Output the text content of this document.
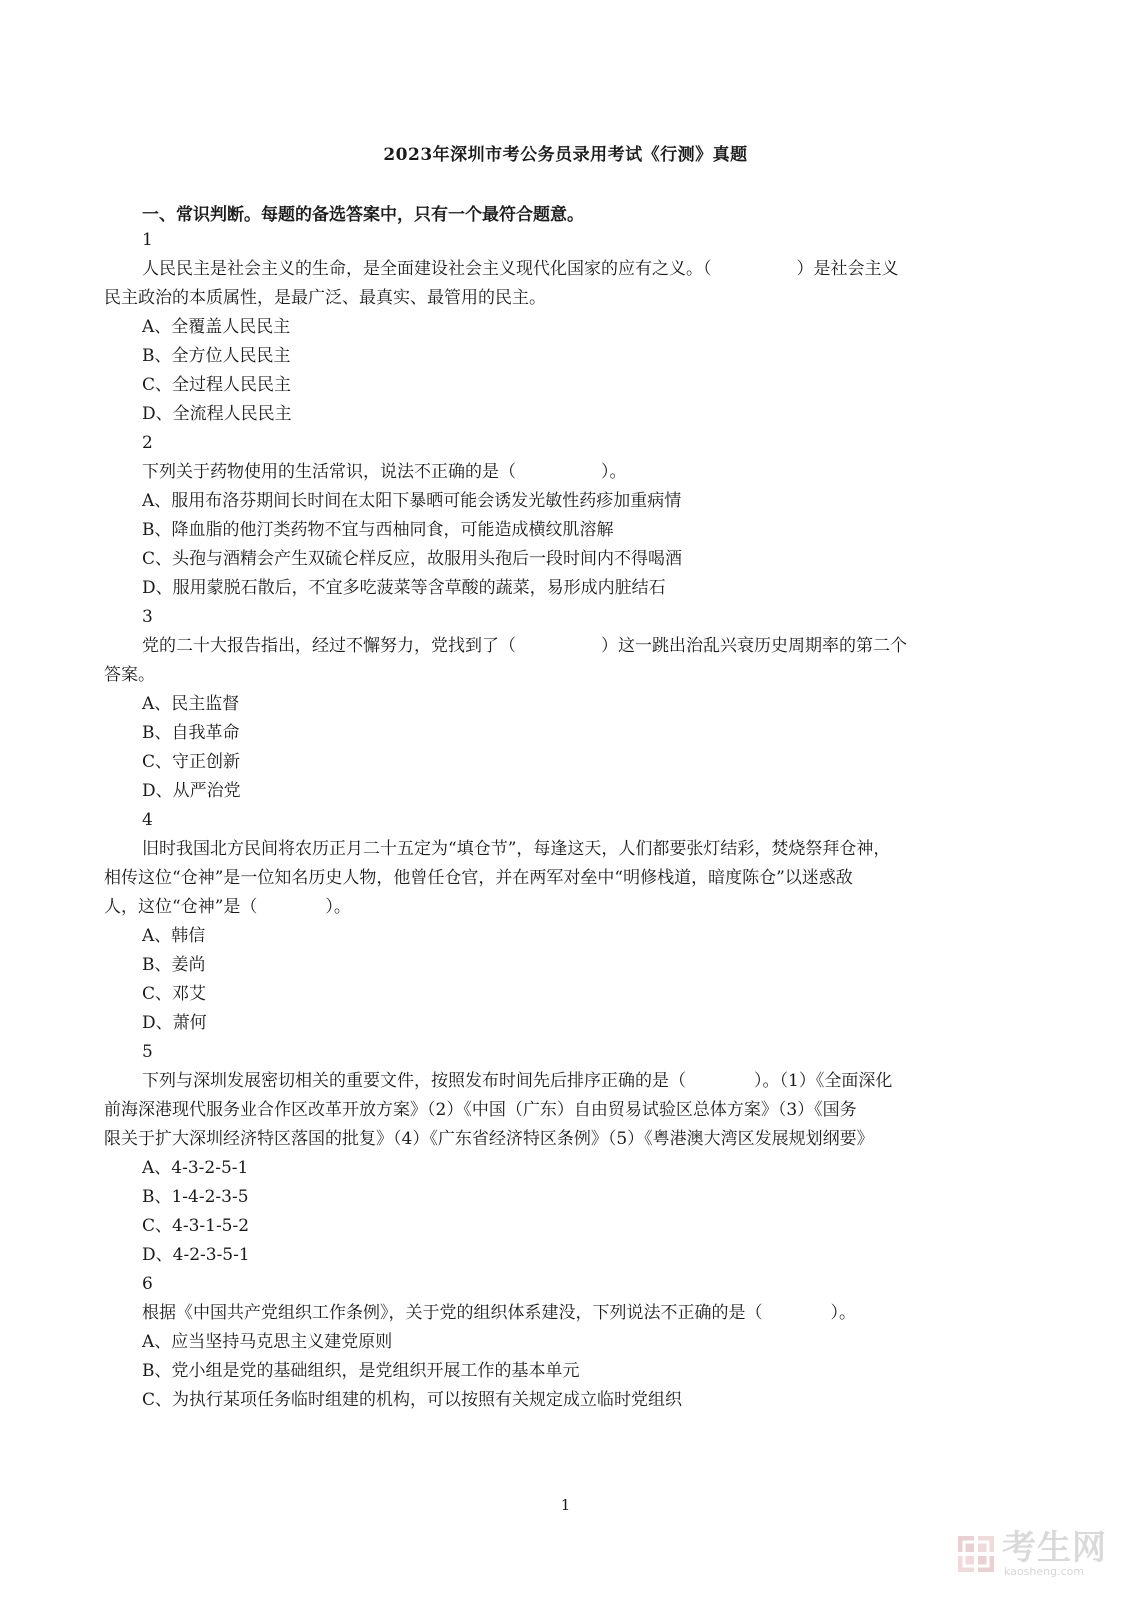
2023年深圳市考公务员录用考试《行测》真题
一、常识判断。每题的备选答案中，只有一个最符合题意。
1
人民民主是社会主义的生命，是全面建设社会主义现代化国家的应有之义。（　　　　　）是社会主义
民主政治的本质属性，是最广泛、最真实、最管用的民主。
A、全覆盖人民民主
B、全方位人民民主
C、全过程人民民主
D、全流程人民民主
2
下列关于药物使用的生活常识，说法不正确的是（　　　　　）。
A、服用布洛芬期间长时间在太阳下暴晒可能会诱发光敏性药疹加重病情
B、降血脂的他汀类药物不宜与西柚同食，可能造成横纹肌溶解
C、头孢与酒精会产生双硫仑样反应，故服用头孢后一段时间内不得喝酒
D、服用蒙脱石散后，不宜多吃菠菜等含草酸的蔬菜，易形成内脏结石
3
党的二十大报告指出，经过不懈努力，党找到了（　　　　　）这一跳出治乱兴衰历史周期率的第二个
答案。
A、民主监督
B、自我革命
C、守正创新
D、从严治党
4
旧时我国北方民间将农历正月二十五定为“填仓节”，每逢这天，人们都要张灯结彩，焚烧祭拜仓神，
相传这位“仓神”是一位知名历史人物，他曾任仓官，并在两军对垒中“明修栈道，暗度陈仓”以迷惑敌
人，这位“仓神”是（　　　　）。
A、韩信
B、姜尚
C、邓艾
D、萧何
5
下列与深圳发展密切相关的重要文件，按照发布时间先后排序正确的是（　　　　）。（1）《全面深化
前海深港现代服务业合作区改革开放方案》（2）《中国（广东）自由贸易试验区总体方案》（3）《国务
限关于扩大深圳经济特区落国的批复》（4）《广东省经济特区条例》（5）《粤港澳大湾区发展规划纲要》
A、4-3-2-5-1
B、1-4-2-3-5
C、4-3-1-5-2
D、4-2-3-5-1
6
根据《中国共产党组织工作条例》，关于党的组织体系建没，下列说法不正确的是（　　　　）。
A、应当坚持马克思主义建党原则
B、党小组是党的基础组织，是党组织开展工作的基本单元
C、为执行某项任务临时组建的机构，可以按照有关规定成立临时党组织
1
考生网
kaosheng.com
